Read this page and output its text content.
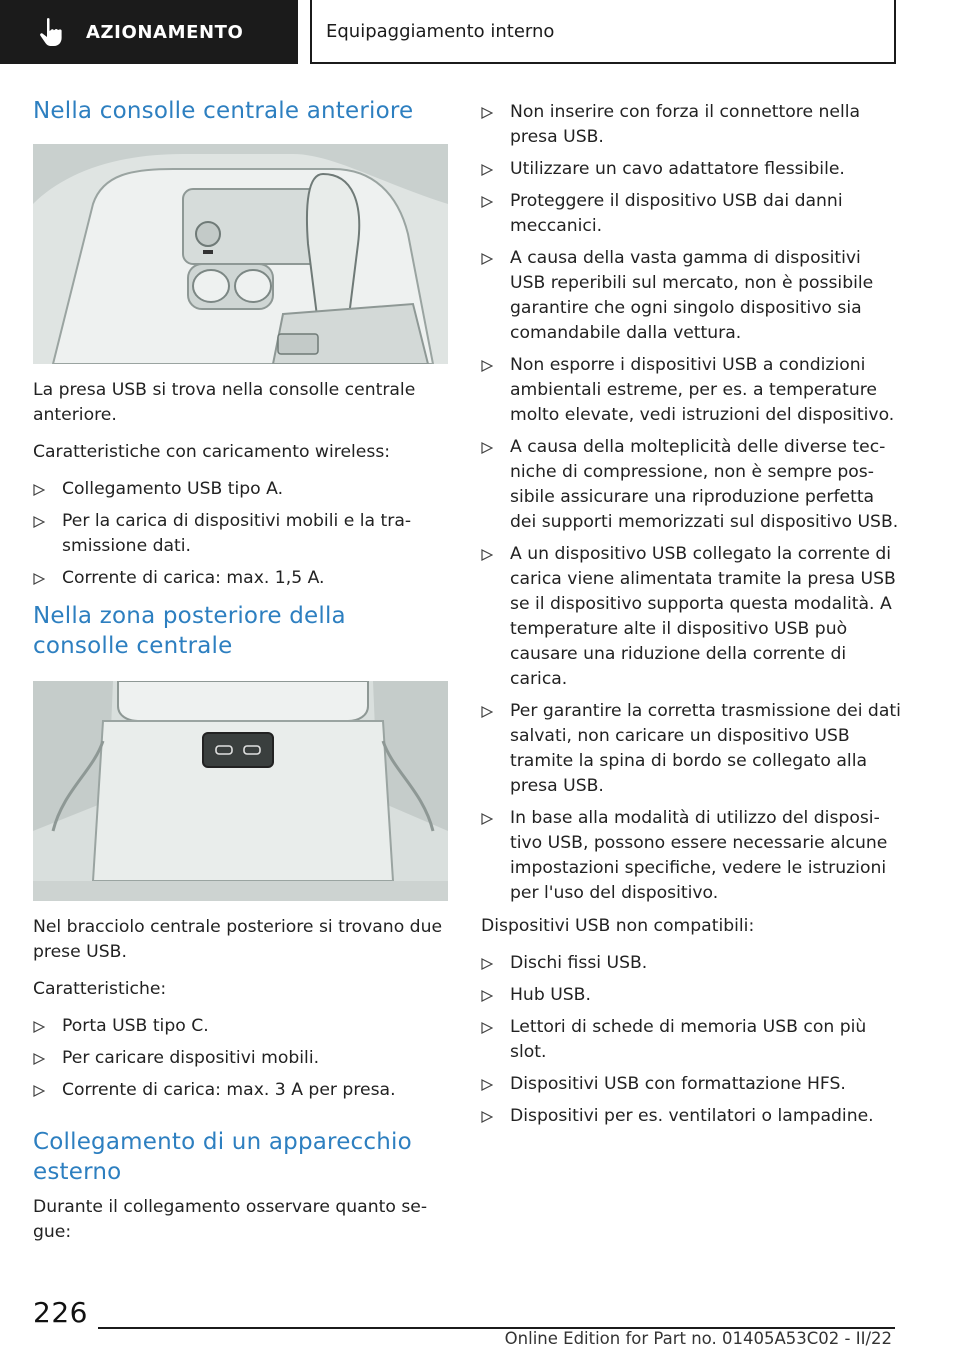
AZIONAMENTO	Equipaggiamento interno
Nella consolle centrale anteriore

La presa USB si trova nella consolle centrale anteriore.

Caratteristiche con caricamento wireless:

Collegamento USB tipo A.
Per la carica di dispositivi mobili e la trasmissione dati.
Corrente di carica: max. 1,5 A.
Nella zona posteriore della consolle centrale

Nel bracciolo centrale posteriore si trovano due prese USB.

Caratteristiche:

Porta USB tipo C.
Per caricare dispositivi mobili.
Corrente di carica: max. 3 A per presa.
Collegamento di un apparecchio esterno

Durante il collegamento osservare quanto segue:

Non inserire con forza il connettore nella presa USB.
Utilizzare un cavo adattatore flessibile.
Proteggere il dispositivo USB dai danni meccanici.
A causa della vasta gamma di dispositivi USB reperibili sul mercato, non è possibile garantire che ogni singolo dispositivo sia comandabile dalla vettura.
Non esporre i dispositivi USB a condizioni ambientali estreme, per es. a temperature molto elevate, vedi istruzioni del dispositivo.
A causa della molteplicità delle diverse tecniche di compressione, non è sempre possibile assicurare una riproduzione perfetta dei supporti memorizzati sul dispositivo USB.
A un dispositivo USB collegato la corrente di carica viene alimentata tramite la presa USB se il dispositivo supporta questa modalità. A temperature alte il dispositivo USB può causare una riduzione della corrente di carica.
Per garantire la corretta trasmissione dei dati salvati, non caricare un dispositivo USB tramite la spina di bordo se collegato alla presa USB.
In base alla modalità di utilizzo del dispositivo USB, possono essere necessarie alcune impostazioni specifiche, vedere le istruzioni per l'uso del dispositivo.

Dispositivi USB non compatibili:

Dischi fissi USB.
Hub USB.
Lettori di schede di memoria USB con più slot.
Dispositivi USB con formattazione HFS.
Dispositivi per es. ventilatori o lampadine.
226
Online Edition for Part no. 01405A53C02 - II/22
